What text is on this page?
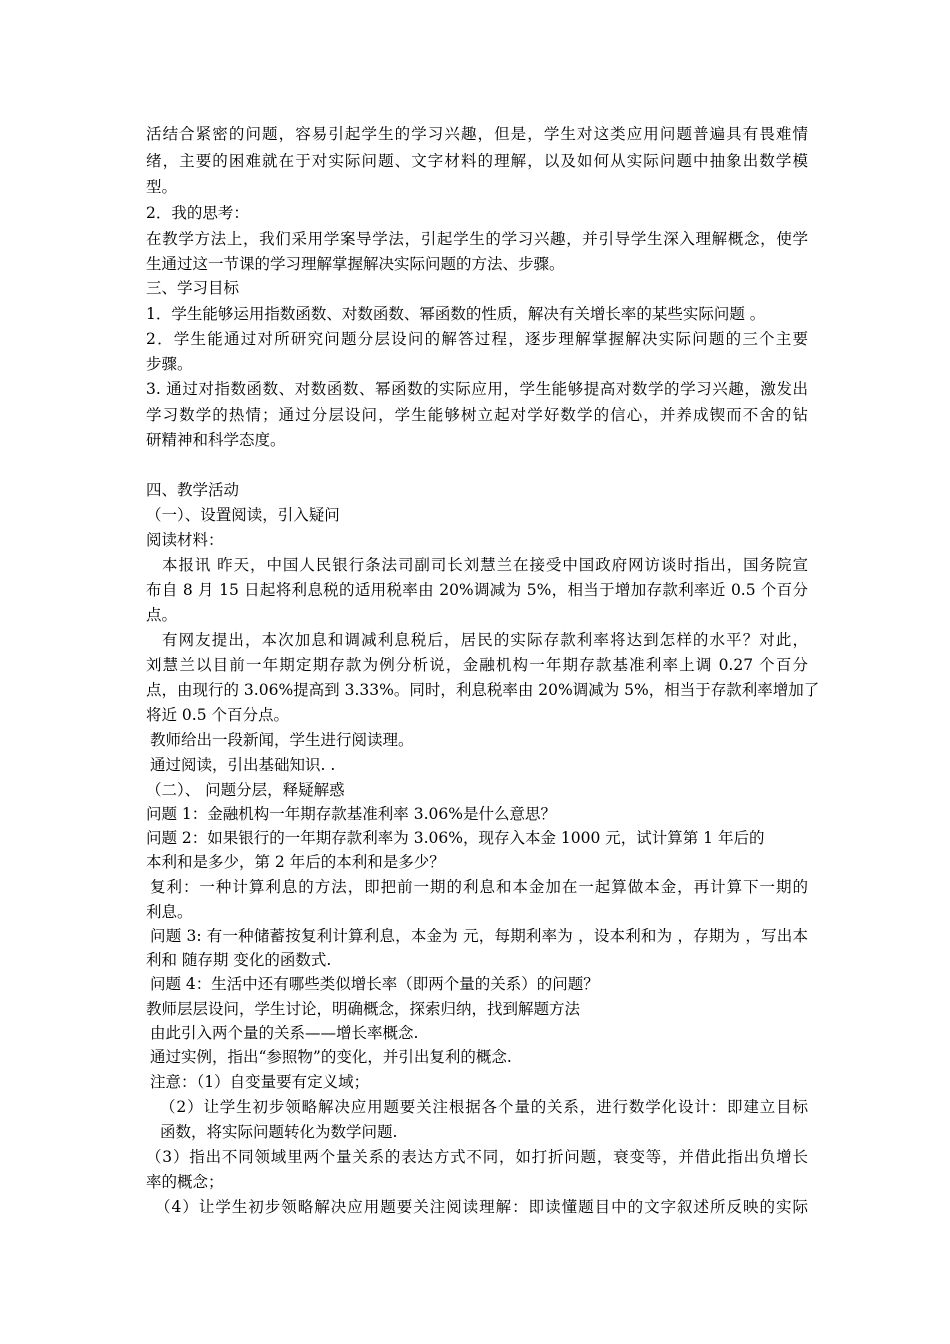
活结合紧密的问题，容易引起学生的学习兴趣，但是，学生对这类应用问题普遍具有畏难情
绪，主要的困难就在于对实际问题、文字材料的理解，以及如何从实际问题中抽象出数学模
型。
2．我的思考：
在教学方法上，我们采用学案导学法，引起学生的学习兴趣，并引导学生深入理解概念，使学
生通过这一节课的学习理解掌握解决实际问题的方法、步骤。
三、学习目标
1．学生能够运用指数函数、对数函数、幂函数的性质，解决有关增长率的某些实际问题 。
2．学生能通过对所研究问题分层设问的解答过程，逐步理解掌握解决实际问题的三个主要
步骤。
3. 通过对指数函数、对数函数、幂函数的实际应用，学生能够提高对数学的学习兴趣，激发出
学习数学的热情；通过分层设问，学生能够树立起对学好数学的信心，并养成锲而不舍的钻
研精神和科学态度。
四、教学活动
（一）、设置阅读，引入疑问
阅读材料：
本报讯 昨天，中国人民银行条法司副司长刘慧兰在接受中国政府网访谈时指出，国务院宣
布自 8 月 15 日起将利息税的适用税率由 20%调减为 5%，相当于增加存款利率近 0.5 个百分
点。
有网友提出，本次加息和调减利息税后，居民的实际存款利率将达到怎样的水平？对此，
刘慧兰以目前一年期定期存款为例分析说，金融机构一年期存款基准利率上调 0.27 个百分
点，由现行的 3.06%提高到 3.33%。同时，利息税率由 20%调减为 5%，相当于存款利率增加了
将近 0.5 个百分点。
教师给出一段新闻，学生进行阅读理。
通过阅读，引出基础知识. .
（二）、 问题分层，释疑解惑
问题 1：金融机构一年期存款基准利率 3.06%是什么意思？
问题 2：如果银行的一年期存款利率为 3.06%，现存入本金 1000 元，试计算第 1 年后的
本利和是多少，第 2 年后的本利和是多少？
复利：一种计算利息的方法，即把前一期的利息和本金加在一起算做本金，再计算下一期的
利息。
问题 3: 有一种储蓄按复利计算利息，本金为 元，每期利率为 ，设本利和为 ，存期为 ，写出本
利和 随存期 变化的函数式.
问题 4：生活中还有哪些类似增长率（即两个量的关系）的问题？
教师层层设问，学生讨论，明确概念，探索归纳，找到解题方法
由此引入两个量的关系——增长率概念.
通过实例，指出“参照物”的变化，并引出复利的概念.
注意：（1）自变量要有定义域；
（2）让学生初步领略解决应用题要关注根据各个量的关系，进行数学化设计：即建立目标
函数，将实际问题转化为数学问题.
（3）指出不同领域里两个量关系的表达方式不同，如打折问题，衰变等，并借此指出负增长
率的概念；
（4）让学生初步领略解决应用题要关注阅读理解：即读懂题目中的文字叙述所反映的实际
